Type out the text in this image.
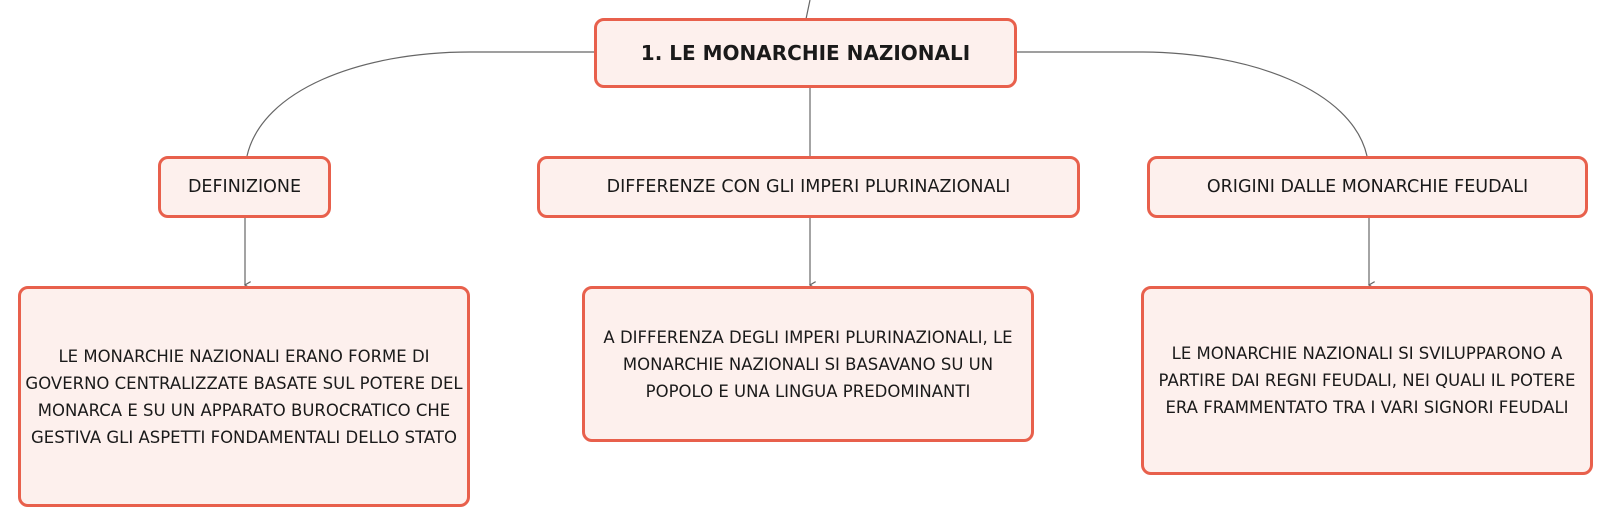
1. LE MONARCHIE NAZIONALI
DEFINIZIONE	DIFFERENZE CON GLI IMPERI PLURINAZIONALI	ORIGINI DALLE MONARCHIE FEUDALI
LE MONARCHIE NAZIONALI ERANO FORME DI GOVERNO CENTRALIZZATE BASATE SUL POTERE DEL MONARCA E SU UN APPARATO BUROCRATICO CHE GESTIVA GLI ASPETTI FONDAMENTALI DELLO STATO
A DIFFERENZA DEGLI IMPERI PLURINAZIONALI, LE MONARCHIE NAZIONALI SI BASAVANO SU UN POPOLO E UNA LINGUA PREDOMINANTI
LE MONARCHIE NAZIONALI SI SVILUPPARONO A PARTIRE DAI REGNI FEUDALI, NEI QUALI IL POTERE ERA FRAMMENTATO TRA I VARI SIGNORI FEUDALI
